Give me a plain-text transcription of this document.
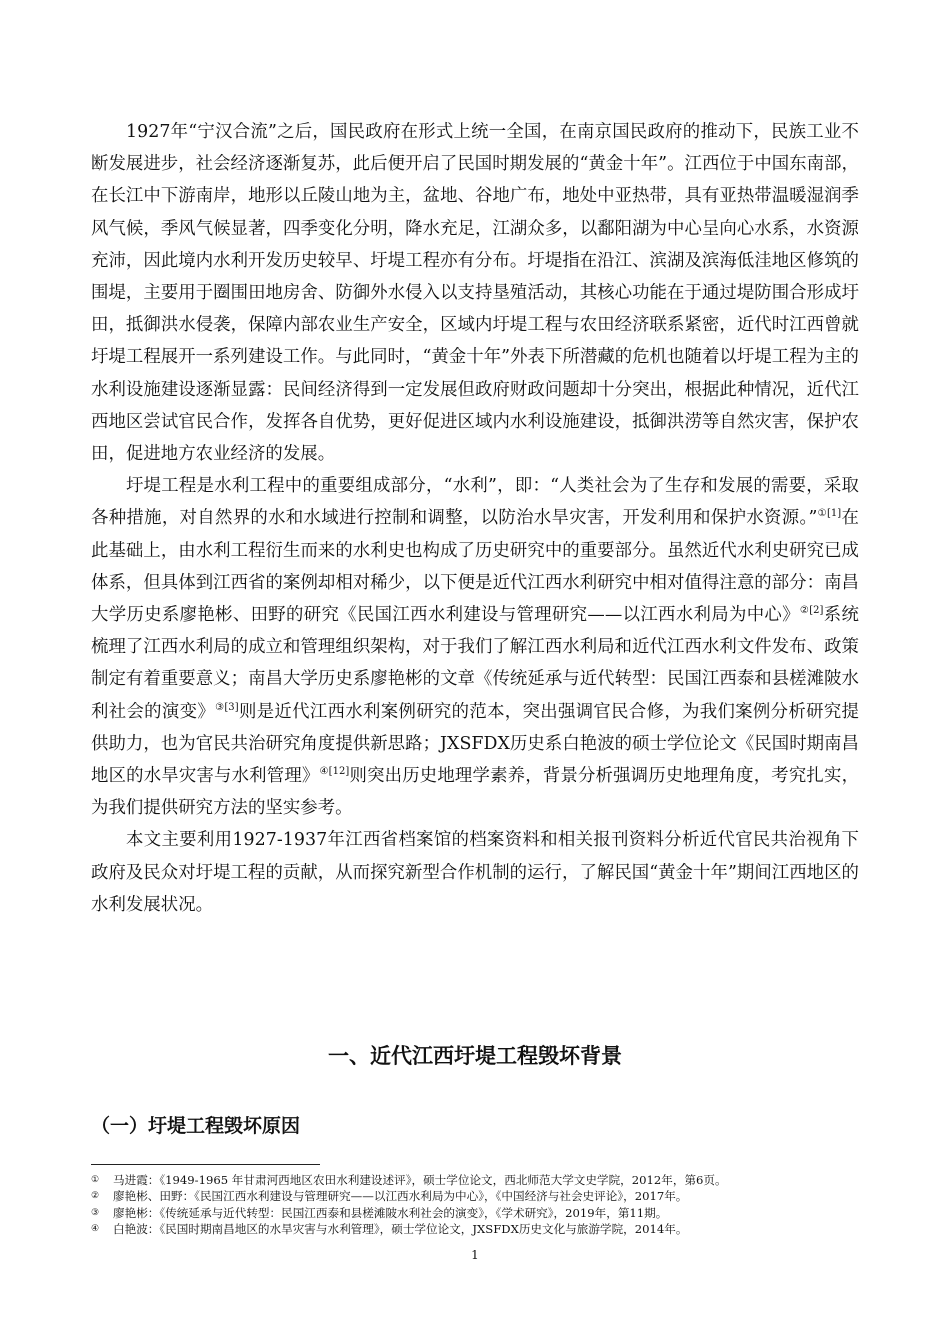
1927年“宁汉合流”之后，国民政府在形式上统一全国，在南京国民政府的推动下，民族工业不断发展进步，社会经济逐渐复苏，此后便开启了民国时期发展的“黄金十年”。江西位于中国东南部，在长江中下游南岸，地形以丘陵山地为主，盆地、谷地广布，地处中亚热带，具有亚热带温暖湿润季风气候，季风气候显著，四季变化分明，降水充足，江湖众多，以鄱阳湖为中心呈向心水系，水资源充沛，因此境内水利开发历史较早、圩堤工程亦有分布。圩堤指在沿江、滨湖及滨海低洼地区修筑的围堤，主要用于圈围田地房舍、防御外水侵入以支持垦殖活动，其核心功能在于通过堤防围合形成圩田，抵御洪水侵袭，保障内部农业生产安全，区域内圩堤工程与农田经济联系紧密，近代时江西曾就圩堤工程展开一系列建设工作。与此同时，“黄金十年”外表下所潜藏的危机也随着以圩堤工程为主的水利设施建设逐渐显露：民间经济得到一定发展但政府财政问题却十分突出，根据此种情况，近代江西地区尝试官民合作，发挥各自优势，更好促进区域内水利设施建设，抵御洪涝等自然灾害，保护农田，促进地方农业经济的发展。

圩堤工程是水利工程中的重要组成部分，“水利”，即：“人类社会为了生存和发展的需要，采取各种措施，对自然界的水和水域进行控制和调整，以防治水旱灾害，开发利用和保护水资源。”$^{①[1]}$在此基础上，由水利工程衍生而来的水利史也构成了历史研究中的重要部分。虽然近代水利史研究已成体系，但具体到江西省的案例却相对稀少，以下便是近代江西水利研究中相对值得注意的部分：南昌大学历史系廖艳彬、田野的研究《民国江西水利建设与管理研究——以江西水利局为中心》$^{②[2]}$系统梳理了江西水利局的成立和管理组织架构，对于我们了解江西水利局和近代江西水利文件发布、政策制定有着重要意义；南昌大学历史系廖艳彬的文章《传统延承与近代转型：民国江西泰和县槎滩陂水利社会的演变》$^{③[3]}$则是近代江西水利案例研究的范本，突出强调官民合修，为我们案例分析研究提供助力，也为官民共治研究角度提供新思路；JXSFDX历史系白艳波的硕士学位论文《民国时期南昌地区的水旱灾害与水利管理》$^{④[12]}$则突出历史地理学素养，背景分析强调历史地理角度，考究扎实，为我们提供研究方法的坚实参考。

本文主要利用1927-1937年江西省档案馆的档案资料和相关报刊资料分析近代官民共治视角下政府及民众对圩堤工程的贡献，从而探究新型合作机制的运行，了解民国“黄金十年”期间江西地区的水利发展状况。

一、近代江西圩堤工程毁坏背景
（一）圩堤工程毁坏原因

① 马进霞：《1949-1965 年甘肃河西地区农田水利建设述评》，硕士学位论文，西北师范大学文史学院，2012年，第6页。

② 廖艳彬、田野：《民国江西水利建设与管理研究——以江西水利局为中心》，《中国经济与社会史评论》，2017年。

③ 廖艳彬：《传统延承与近代转型：民国江西泰和县槎滩陂水利社会的演变》，《学术研究》，2019年，第11期。

④ 白艳波：《民国时期南昌地区的水旱灾害与水利管理》，硕士学位论文，JXSFDX历史文化与旅游学院，2014年。

1
